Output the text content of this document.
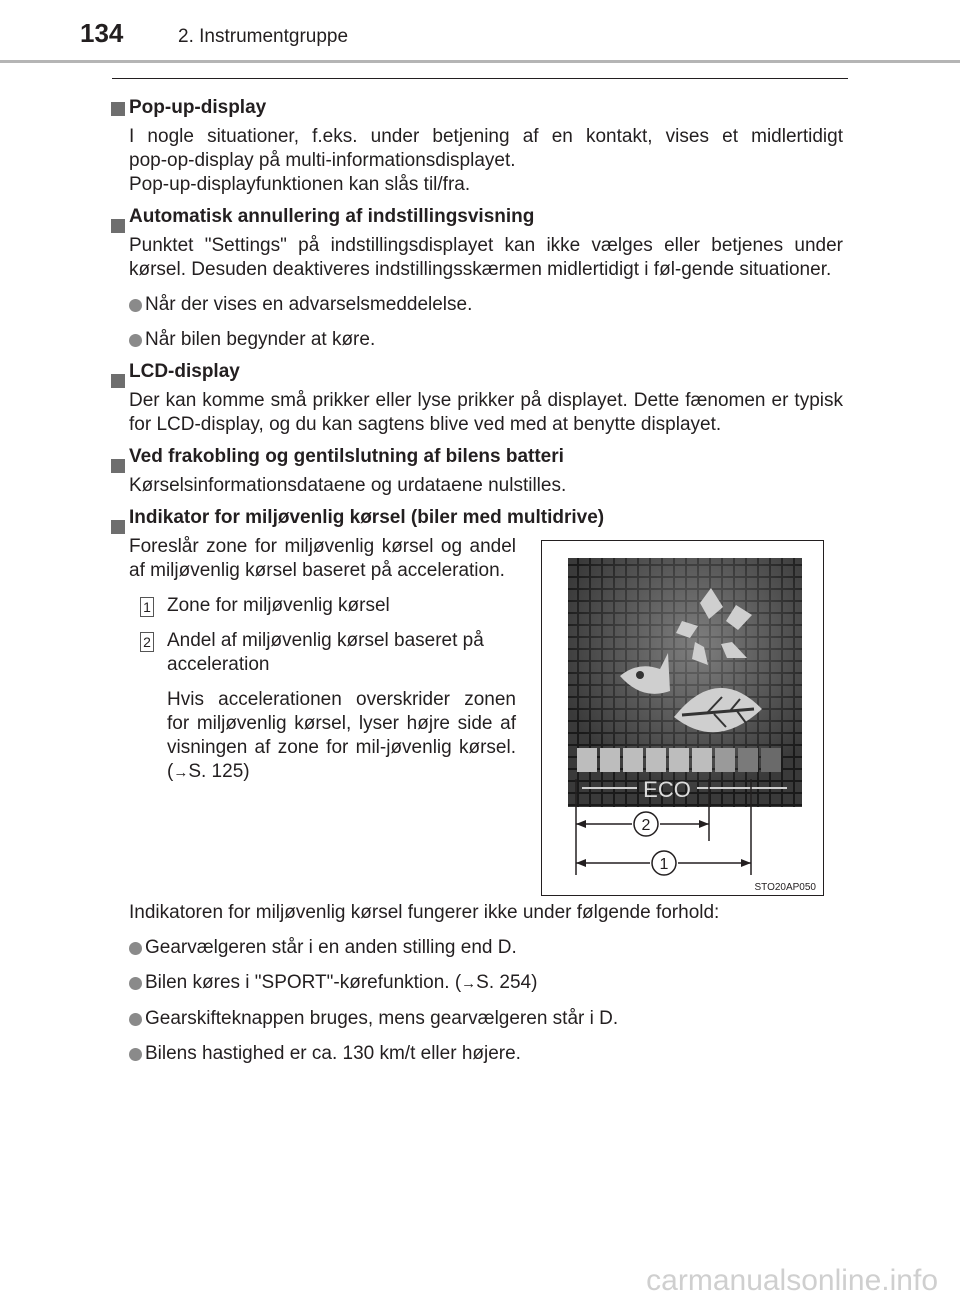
134	2. Instrumentgruppe
Pop-up-display
I nogle situationer, f.eks. under betjening af en kontakt, vises et midlertidigt
pop-op-display på multi-informationsdisplayet.
Pop-up-displayfunktionen kan slås til/fra.
Automatisk annullering af indstillingsvisning
Punktet "Settings" på indstillingsdisplayet kan ikke vælges eller betjenes under kørsel. Desuden deaktiveres indstillingsskærmen midlertidigt i føl-gende situationer.
Når der vises en advarselsmeddelelse.
Når bilen begynder at køre.
LCD-display
Der kan komme små prikker eller lyse prikker på displayet. Dette fænomen er typisk for LCD-display, og du kan sagtens blive ved med at benytte displayet.
Ved frakobling og gentilslutning af bilens batteri
Kørselsinformationsdataene og urdataene nulstilles.
Indikator for miljøvenlig kørsel (biler med multidrive)
Foreslår zone for miljøvenlig kørsel og andel af miljøvenlig kørsel baseret på acceleration.
1 Zone for miljøvenlig kørsel
2 Andel af miljøvenlig kørsel baseret på acceleration
Hvis accelerationen overskrider zonen for miljøvenlig kørsel, lyser højre side af visningen af zone for mil-jøvenlig kørsel. (→S. 125)
ECO
2
1
STO20AP050
Indikatoren for miljøvenlig kørsel fungerer ikke under følgende forhold:
Gearvælgeren står i en anden stilling end D.
Bilen køres i "SPORT"-kørefunktion. (→S. 254)
Gearskifteknappen bruges, mens gearvælgeren står i D.
Bilens hastighed er ca. 130 km/t eller højere.
carmanualsonline.info
